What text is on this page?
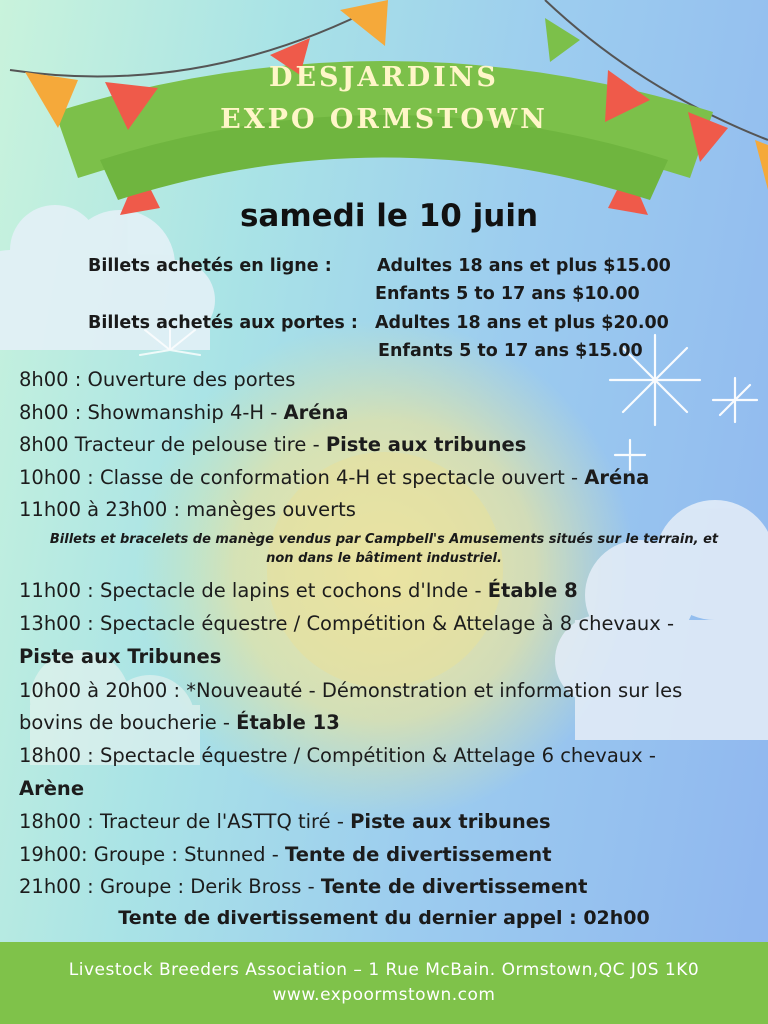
DESJARDINS
EXPO ORMSTOWN
samedi le 10 juin
Billets achetés en ligne :	Adultes 18 ans et plus $15.00
Enfants 5 to 17 ans $10.00
Billets achetés aux portes : Adultes 18 ans et plus $20.00
Enfants 5 to 17 ans $15.00
8h00 : Ouverture des portes
8h00 : Showmanship 4-H - Aréna
8h00 Tracteur de pelouse tire - Piste aux tribunes
10h00 : Classe de conformation 4-H et spectacle ouvert - Aréna
11h00 à 23h00 : manèges ouverts
Billets et bracelets de manège vendus par Campbell's Amusements situés sur le terrain, et
non dans le bâtiment industriel.
11h00 : Spectacle de lapins et cochons d'Inde - Étable 8
13h00 : Spectacle équestre / Compétition & Attelage à 8 chevaux -
Piste aux Tribunes
10h00 à 20h00 : *Nouveauté - Démonstration et information sur les
bovins de boucherie - Étable 13
18h00 : Spectacle équestre / Compétition & Attelage 6 chevaux -
Arène
18h00 : Tracteur de l'ASTTQ tiré - Piste aux tribunes
19h00: Groupe : Stunned - Tente de divertissement
21h00 : Groupe : Derik Bross - Tente de divertissement
Tente de divertissement du dernier appel : 02h00
Livestock Breeders Association – 1 Rue McBain. Ormstown,QC J0S 1K0
www.expoormstown.com
